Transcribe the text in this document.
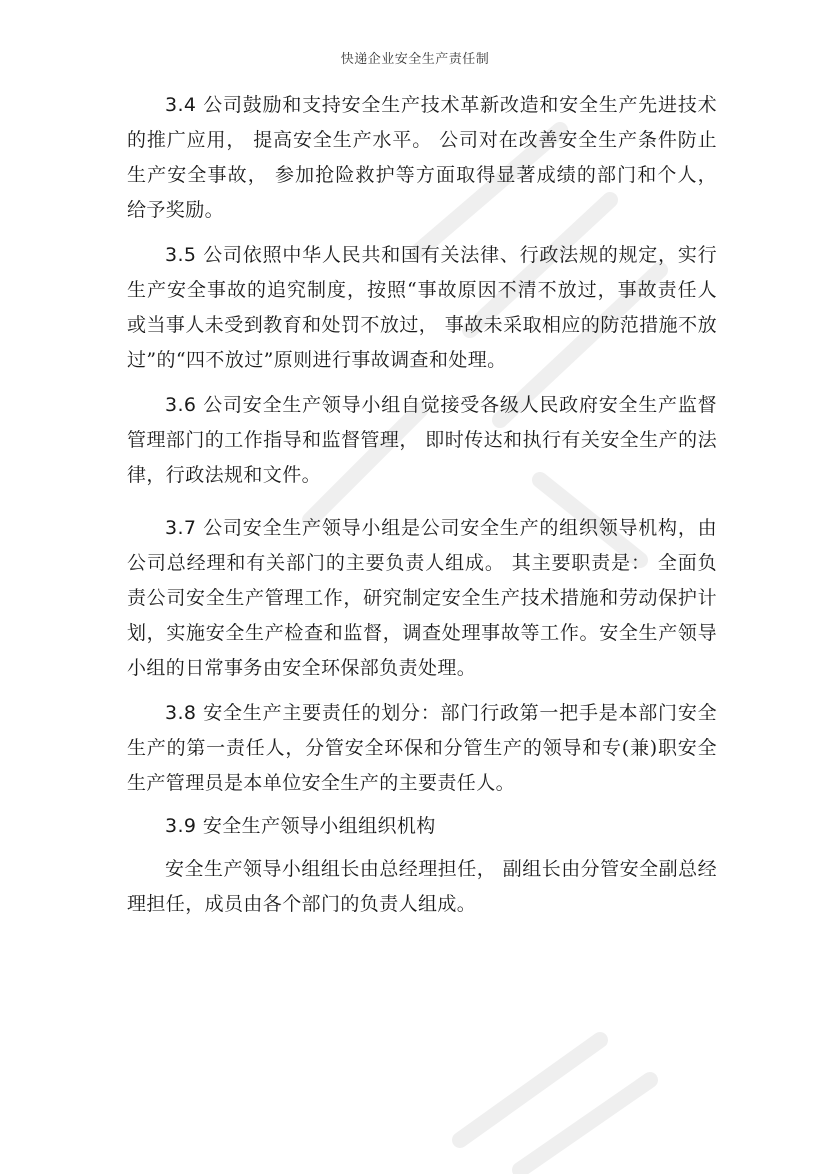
快递企业安全生产责任制

3.4 公司鼓励和支持安全生产技术革新改造和安全生产先进技术的推广应用， 提高安全生产水平。 公司对在改善安全生产条件防止生产安全事故， 参加抢险救护等方面取得显著成绩的部门和个人， 给予奖励。

3.5 公司依照中华人民共和国有关法律、行政法规的规定，实行生产安全事故的追究制度，按照“事故原因不清不放过，事故责任人或当事人未受到教育和处罚不放过， 事故未采取相应的防范措施不放过”的“四不放过”原则进行事故调查和处理。

3.6 公司安全生产领导小组自觉接受各级人民政府安全生产监督管理部门的工作指导和监督管理， 即时传达和执行有关安全生产的法律，行政法规和文件。

3.7 公司安全生产领导小组是公司安全生产的组织领导机构，由公司总经理和有关部门的主要负责人组成。 其主要职责是： 全面负责公司安全生产管理工作，研究制定安全生产技术措施和劳动保护计划，实施安全生产检查和监督，调查处理事故等工作。安全生产领导小组的日常事务由安全环保部负责处理。

3.8 安全生产主要责任的划分：部门行政第一把手是本部门安全生产的第一责任人，分管安全环保和分管生产的领导和专(兼)职安全生产管理员是本单位安全生产的主要责任人。

3.9 安全生产领导小组组织机构

安全生产领导小组组长由总经理担任， 副组长由分管安全副总经理担任，成员由各个部门的负责人组成。
